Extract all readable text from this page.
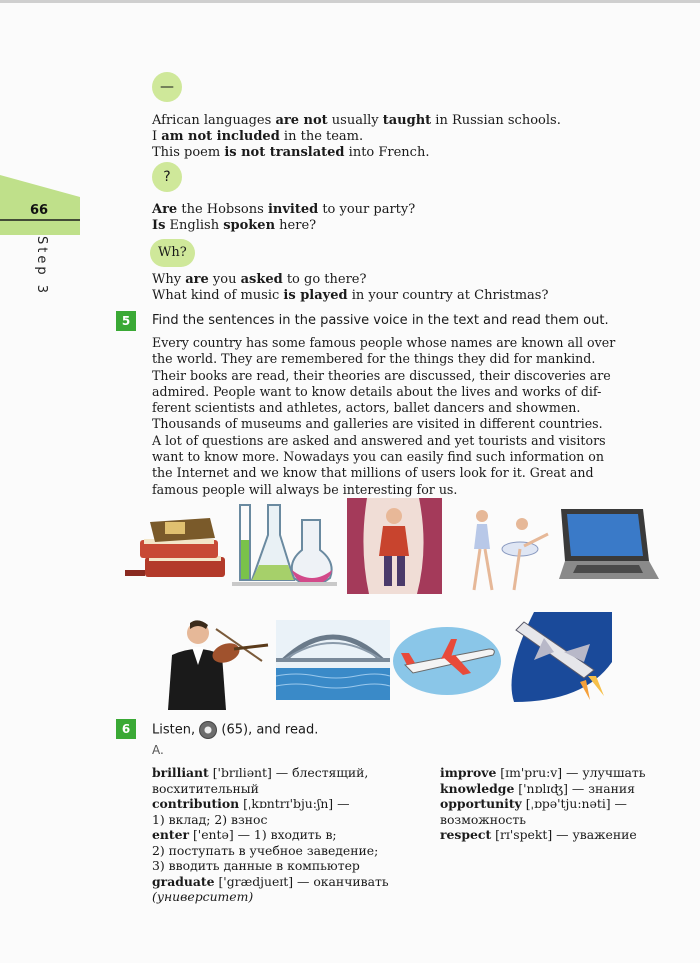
66
Step 3
—
African languages are not usually taught in Russian schools.
I am not included in the team.
This poem is not translated into French.
?
Are the Hobsons invited to your party?
Is English spoken here?
Wh?
Why are you asked to go there?
What kind of music is played in your country at Christmas?
5	Find the sentences in the passive voice in the text and read them out.
Every country has some famous people whose names are known all over
the world. They are remembered for the things they did for mankind.
Their books are read, their theories are discussed, their discoveries are
admired. People want to know details about the lives and works of dif-
ferent scientists and athletes, actors, ballet dancers and showmen.
Thousands of museums and galleries are visited in different countries.
A lot of questions are asked and answered and yet tourists and visitors
want to know more. Nowadays you can easily find such information on
the Internet and we know that millions of users look for it. Great and
famous people will always be interesting for us.
6	Listen, (65), and read.
A.
brilliant ['brɪliənt] — блестящий,
восхитительный
contribution [ˌkɒntrɪ'bju:ʃn] —
1) вклад; 2) взнос
enter ['entə] — 1) входить в;
2) поступать в учебное заведение;
3) вводить данные в компьютер
graduate ['grædjueɪt] — оканчивать
(университет)
improve [ɪm'pru:v] — улучшать
knowledge ['nɒlɪʤ] — знания
opportunity [ˌɒpə'tju:nəti] —
возможность
respect [rɪ'spekt] — уважение
